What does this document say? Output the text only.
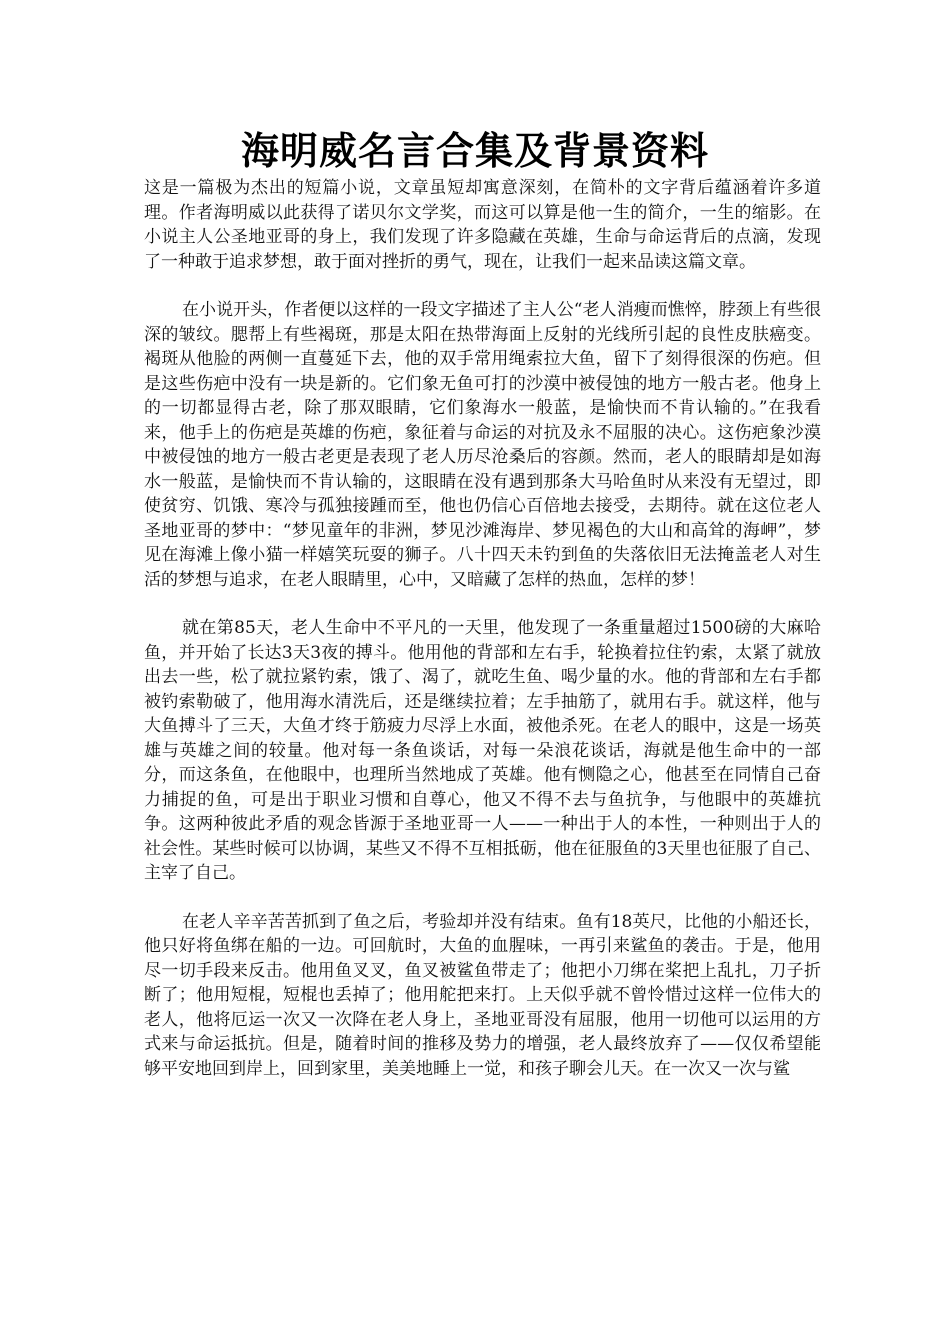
海明威名言合集及背景资料

这是一篇极为杰出的短篇小说，文章虽短却寓意深刻，在简朴的文字背后蕴涵着许多道理。作者海明威以此获得了诺贝尔文学奖，而这可以算是他一生的简介，一生的缩影。在小说主人公圣地亚哥的身上，我们发现了许多隐藏在英雄，生命与命运背后的点滴，发现了一种敢于追求梦想，敢于面对挫折的勇气，现在，让我们一起来品读这篇文章。

在小说开头，作者便以这样的一段文字描述了主人公“老人消瘦而憔悴，脖颈上有些很深的皱纹。腮帮上有些褐斑，那是太阳在热带海面上反射的光线所引起的良性皮肤癌变。褐斑从他脸的两侧一直蔓延下去，他的双手常用绳索拉大鱼，留下了刻得很深的伤疤。但是这些伤疤中没有一块是新的。它们象无鱼可打的沙漠中被侵蚀的地方一般古老。他身上的一切都显得古老，除了那双眼睛，它们象海水一般蓝，是愉快而不肯认输的。”在我看来，他手上的伤疤是英雄的伤疤，象征着与命运的对抗及永不屈服的决心。这伤疤象沙漠中被侵蚀的地方一般古老更是表现了老人历尽沧桑后的容颜。然而，老人的眼睛却是如海水一般蓝，是愉快而不肯认输的，这眼睛在没有遇到那条大马哈鱼时从来没有无望过，即使贫穷、饥饿、寒冷与孤独接踵而至，他也仍信心百倍地去接受，去期待。就在这位老人圣地亚哥的梦中：“梦见童年的非洲，梦见沙滩海岸、梦见褐色的大山和高耸的海岬”，梦见在海滩上像小猫一样嬉笑玩耍的狮子。八十四天未钓到鱼的失落依旧无法掩盖老人对生活的梦想与追求，在老人眼睛里，心中，又暗藏了怎样的热血，怎样的梦！

就在第85天，老人生命中不平凡的一天里，他发现了一条重量超过1500磅的大麻哈鱼，并开始了长达3天3夜的搏斗。他用他的背部和左右手，轮换着拉住钓索，太紧了就放出去一些，松了就拉紧钓索，饿了、渴了，就吃生鱼、喝少量的水。他的背部和左右手都被钓索勒破了，他用海水清洗后，还是继续拉着；左手抽筋了，就用右手。就这样，他与大鱼搏斗了三天，大鱼才终于筋疲力尽浮上水面，被他杀死。在老人的眼中，这是一场英雄与英雄之间的较量。他对每一条鱼谈话，对每一朵浪花谈话，海就是他生命中的一部分，而这条鱼，在他眼中，也理所当然地成了英雄。他有恻隐之心，他甚至在同情自己奋力捕捉的鱼，可是出于职业习惯和自尊心，他又不得不去与鱼抗争，与他眼中的英雄抗争。这两种彼此矛盾的观念皆源于圣地亚哥一人——一种出于人的本性，一种则出于人的社会性。某些时候可以协调，某些又不得不互相抵砺，他在征服鱼的3天里也征服了自己、主宰了自己。

在老人辛辛苦苦抓到了鱼之后，考验却并没有结束。鱼有18英尺，比他的小船还长，他只好将鱼绑在船的一边。可回航时，大鱼的血腥味，一再引来鲨鱼的袭击。于是，他用尽一切手段来反击。他用鱼叉叉，鱼叉被鲨鱼带走了；他把小刀绑在桨把上乱扎，刀子折断了；他用短棍，短棍也丢掉了；他用舵把来打。上天似乎就不曾怜惜过这样一位伟大的老人，他将厄运一次又一次降在老人身上，圣地亚哥没有屈服，他用一切他可以运用的方式来与命运抵抗。但是，随着时间的推移及势力的增强，老人最终放弃了——仅仅希望能够平安地回到岸上，回到家里，美美地睡上一觉，和孩子聊会儿天。在一次又一次与鲨
